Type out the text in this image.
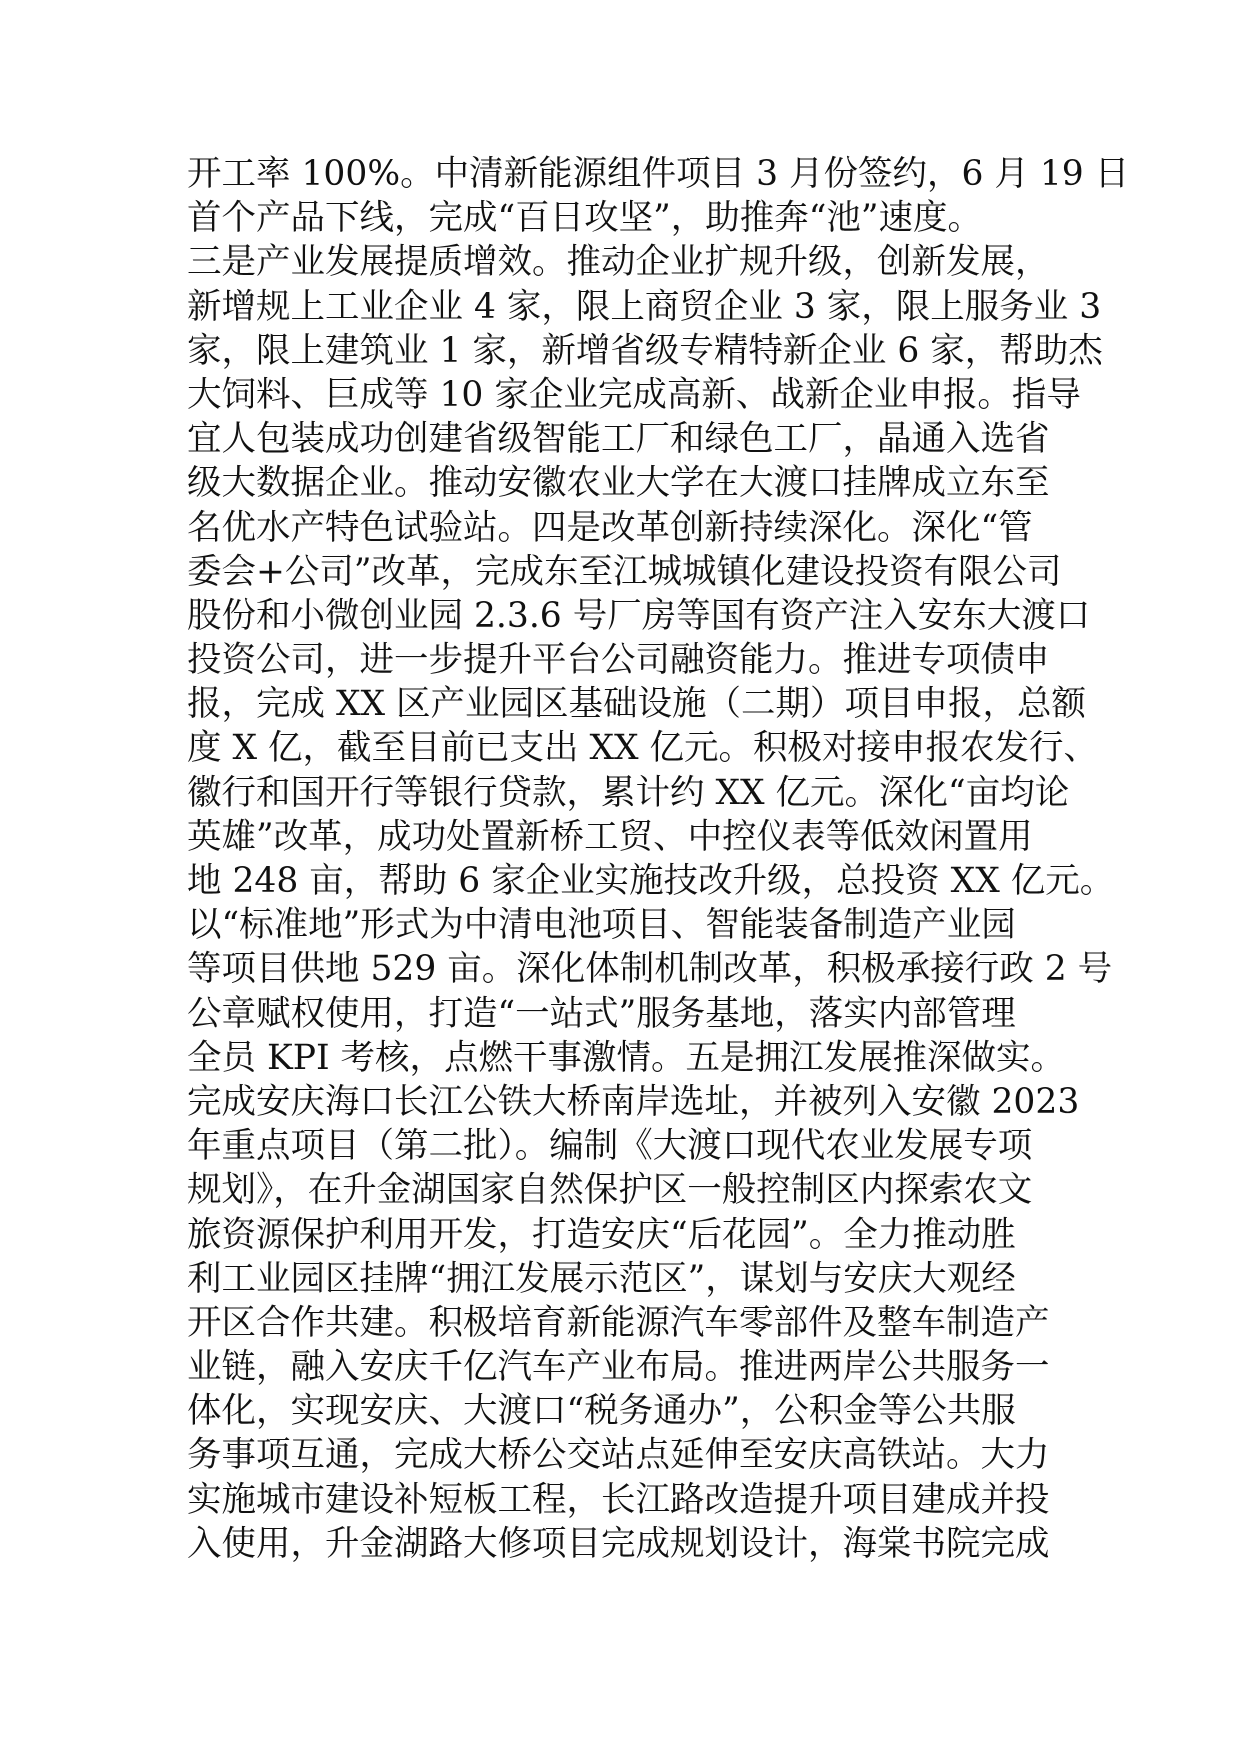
开工率 100%。中清新能源组件项目 3 月份签约，6 月 19 日
首个产品下线，完成“百日攻坚”，助推奔“池”速度。
三是产业发展提质增效。推动企业扩规升级，创新发展，
新增规上工业企业 4 家，限上商贸企业 3 家，限上服务业 3
家，限上建筑业 1 家，新增省级专精特新企业 6 家，帮助杰
大饲料、巨成等 10 家企业完成高新、战新企业申报。指导
宜人包装成功创建省级智能工厂和绿色工厂，晶通入选省
级大数据企业。推动安徽农业大学在大渡口挂牌成立东至
名优水产特色试验站。四是改革创新持续深化。深化“管
委会+公司”改革，完成东至江城城镇化建设投资有限公司
股份和小微创业园 2.3.6 号厂房等国有资产注入安东大渡口
投资公司，进一步提升平台公司融资能力。推进专项债申
报，完成 XX 区产业园区基础设施（二期）项目申报，总额
度 X 亿，截至目前已支出 XX 亿元。积极对接申报农发行、
徽行和国开行等银行贷款，累计约 XX 亿元。深化“亩均论
英雄”改革，成功处置新桥工贸、中控仪表等低效闲置用
地 248 亩，帮助 6 家企业实施技改升级，总投资 XX 亿元。
以“标准地”形式为中清电池项目、智能装备制造产业园
等项目供地 529 亩。深化体制机制改革，积极承接行政 2 号
公章赋权使用，打造“一站式”服务基地，落实内部管理
全员 KPI 考核，点燃干事激情。五是拥江发展推深做实。
完成安庆海口长江公铁大桥南岸选址，并被列入安徽 2023
年重点项目（第二批）。编制《大渡口现代农业发展专项
规划》，在升金湖国家自然保护区一般控制区内探索农文
旅资源保护利用开发，打造安庆“后花园”。全力推动胜
利工业园区挂牌“拥江发展示范区”，谋划与安庆大观经
开区合作共建。积极培育新能源汽车零部件及整车制造产
业链，融入安庆千亿汽车产业布局。推进两岸公共服务一
体化，实现安庆、大渡口“税务通办”，公积金等公共服
务事项互通，完成大桥公交站点延伸至安庆高铁站。大力
实施城市建设补短板工程，长江路改造提升项目建成并投
入使用，升金湖路大修项目完成规划设计，海棠书院完成
